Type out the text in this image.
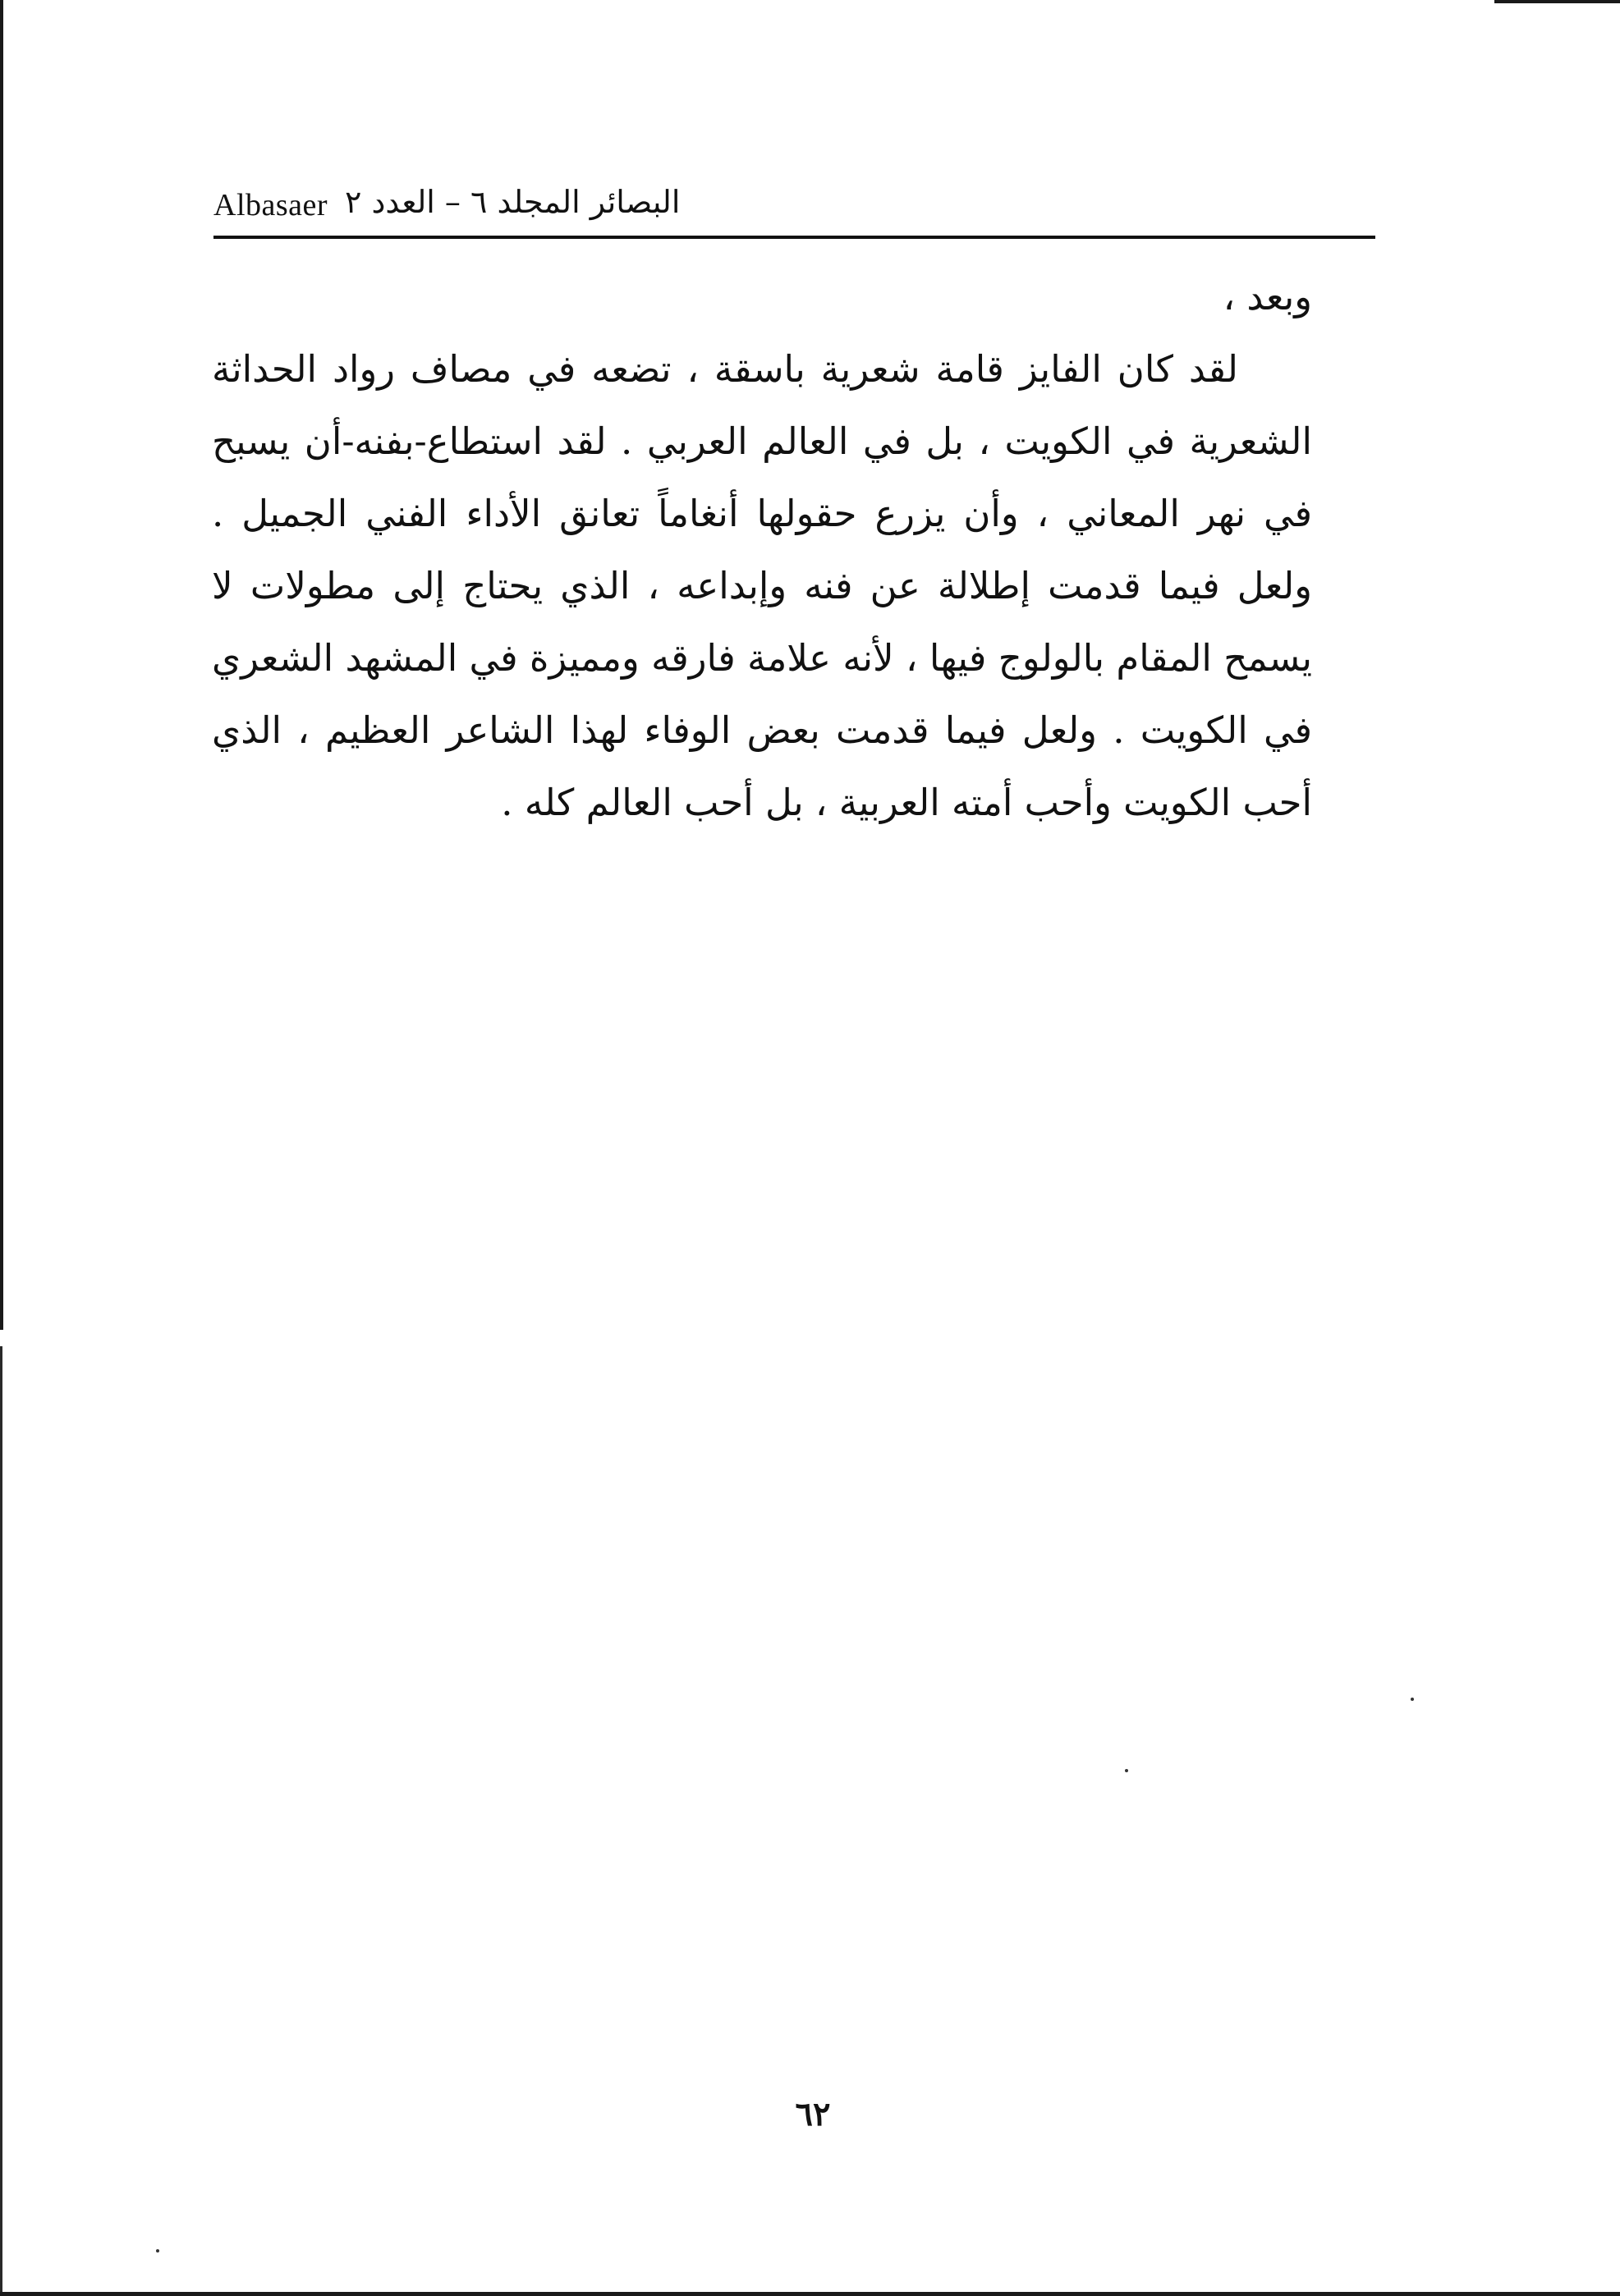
Albasaer البصائر المجلد ٦ – العدد ٢

وبعد ،

لقد كان الفايز قامة شعرية باسقة ، تضعه في مصاف رواد الحداثة الشعرية في الكويت ، بل في العالم العربي . لقد استطاع-بفنه-أن يسبح في نهر المعاني ، وأن يزرع حقولها أنغاماً تعانق الأداء الفني الجميل . ولعل فيما قدمت إطلالة عن فنه وإبداعه ، الذي يحتاج إلى مطولات لا يسمح المقام بالولوج فيها ، لأنه علامة فارقه ومميزة في المشهد الشعري في الكويت . ولعل فيما قدمت بعض الوفاء لهذا الشاعر العظيم ، الذي أحب الكويت وأحب أمته العربية ، بل أحب العالم كله .

٦٢
